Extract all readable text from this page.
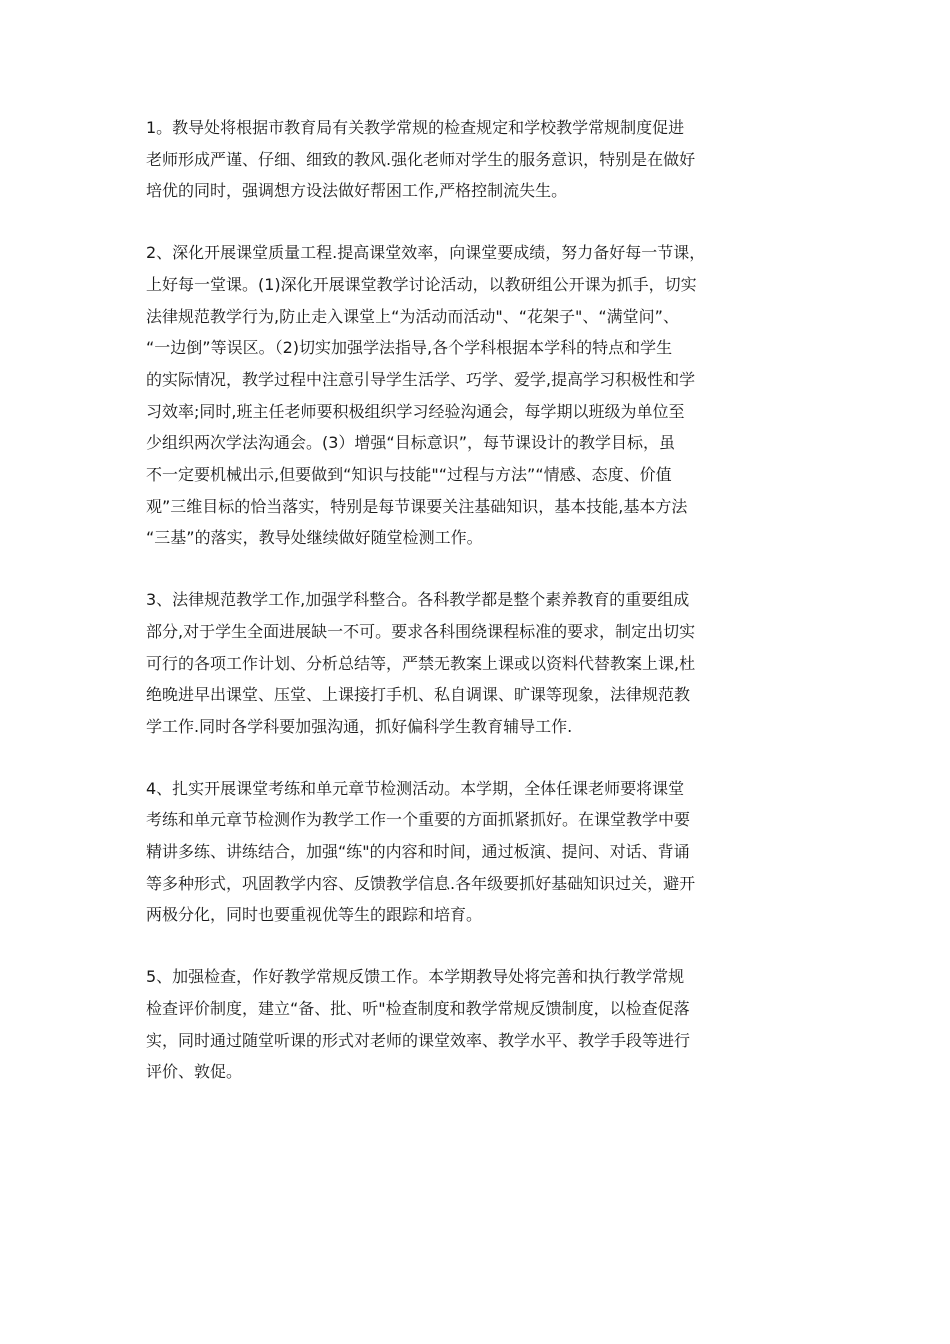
1。教导处将根据市教育局有关教学常规的检查规定和学校教学常规制度促进
老师形成严谨、仔细、细致的教风.强化老师对学生的服务意识，特别是在做好
培优的同时，强调想方设法做好帮困工作,严格控制流失生。

2、深化开展课堂质量工程.提高课堂效率，向课堂要成绩，努力备好每一节课，
上好每一堂课。(1)深化开展课堂教学讨论活动，以教研组公开课为抓手，切实
法律规范教学行为,防止走入课堂上“为活动而活动"、“花架子"、“满堂问”、
“一边倒”等误区。（2)切实加强学法指导,各个学科根据本学科的特点和学生
的实际情况，教学过程中注意引导学生活学、巧学、爱学,提高学习积极性和学
习效率;同时,班主任老师要积极组织学习经验沟通会，每学期以班级为单位至
少组织两次学法沟通会。(3）增强“目标意识”，每节课设计的教学目标，虽
不一定要机械出示,但要做到“知识与技能"“过程与方法”“情感、态度、价值
观”三维目标的恰当落实，特别是每节课要关注基础知识，基本技能,基本方法
“三基”的落实，教导处继续做好随堂检测工作。

3、法律规范教学工作,加强学科整合。各科教学都是整个素养教育的重要组成
部分,对于学生全面进展缺一不可。要求各科围绕课程标准的要求，制定出切实
可行的各项工作计划、分析总结等，严禁无教案上课或以资料代替教案上课,杜
绝晚进早出课堂、压堂、上课接打手机、私自调课、旷课等现象，法律规范教
学工作.同时各学科要加强沟通，抓好偏科学生教育辅导工作.

4、扎实开展课堂考练和单元章节检测活动。本学期，全体任课老师要将课堂
考练和单元章节检测作为教学工作一个重要的方面抓紧抓好。在课堂教学中要
精讲多练、讲练结合，加强“练"的内容和时间，通过板演、提问、对话、背诵
等多种形式，巩固教学内容、反馈教学信息.各年级要抓好基础知识过关，避开
两极分化，同时也要重视优等生的跟踪和培育。

5、加强检查，作好教学常规反馈工作。本学期教导处将完善和执行教学常规
检查评价制度，建立“备、批、听"检查制度和教学常规反馈制度，以检查促落
实，同时通过随堂听课的形式对老师的课堂效率、教学水平、教学手段等进行
评价、敦促。
